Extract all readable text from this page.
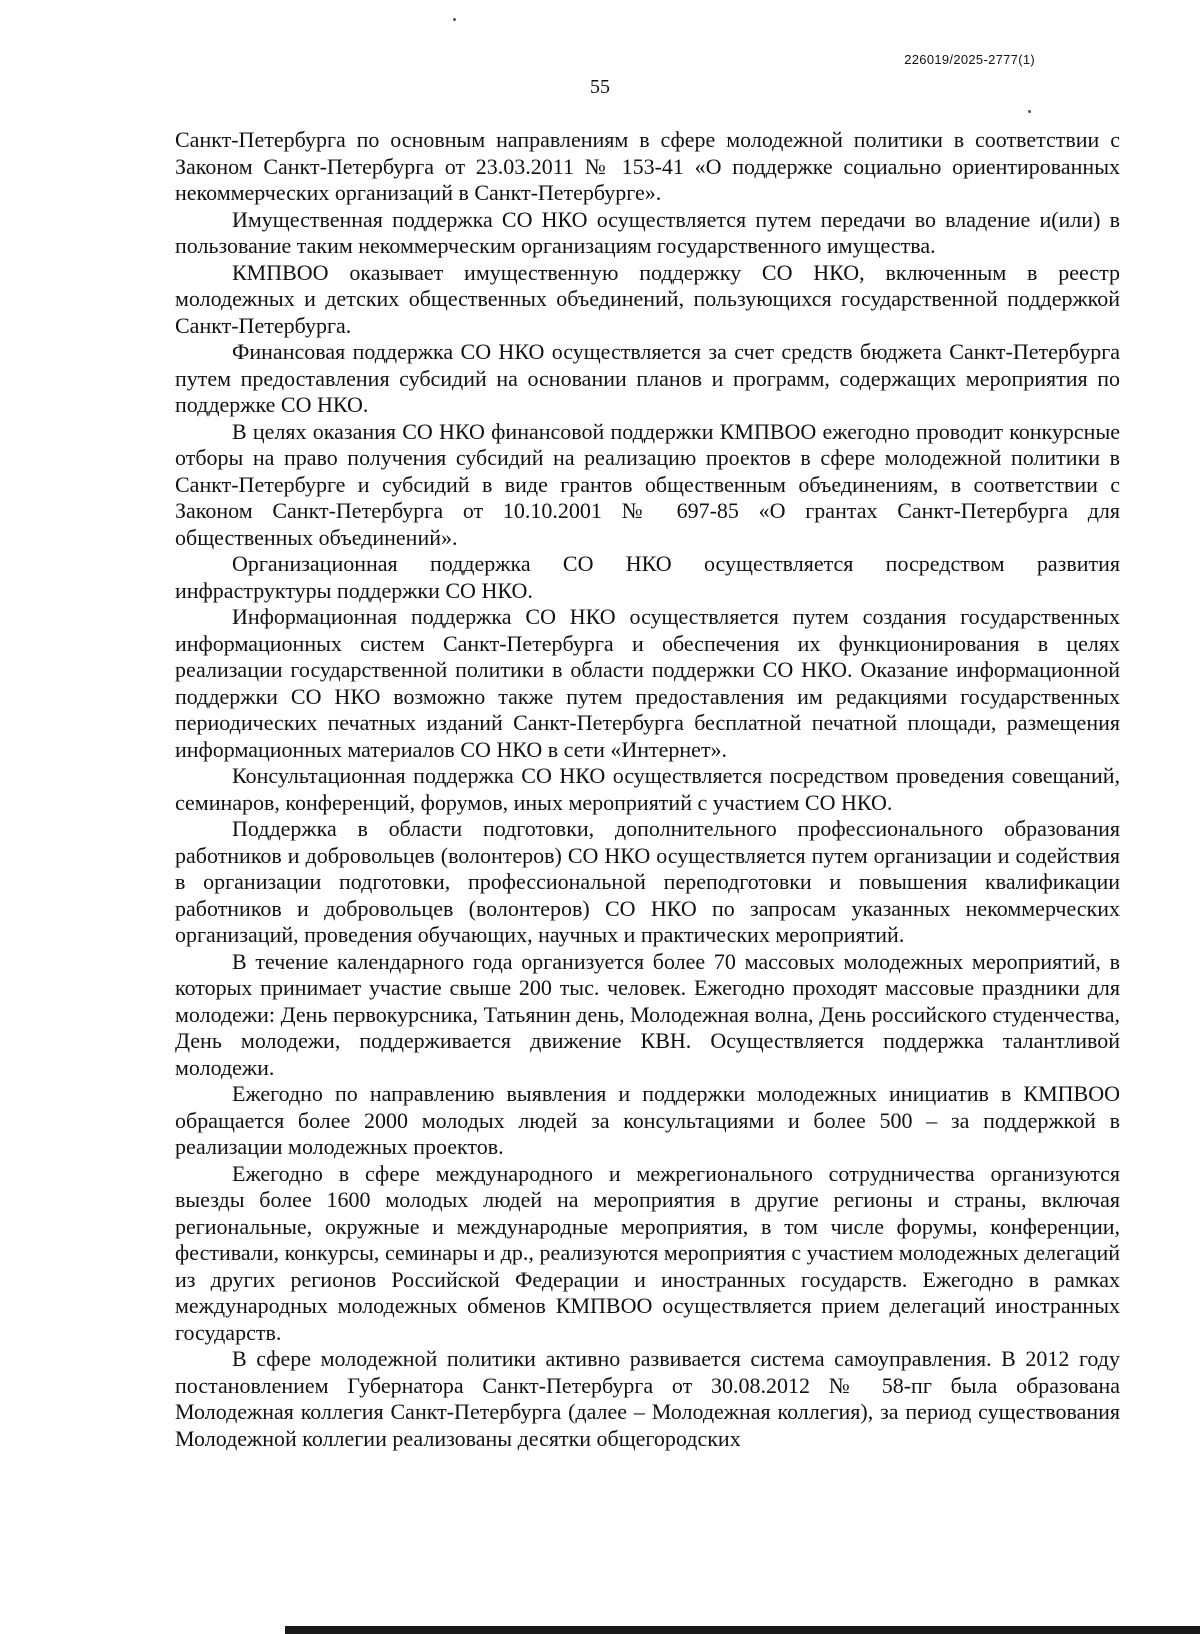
226019/2025-2777(1)
55

Санкт-Петербурга по основным направлениям в сфере молодежной политики в соответствии с Законом Санкт-Петербурга от 23.03.2011 № 153-41 «О поддержке социально ориентированных некоммерческих организаций в Санкт-Петербурге».

Имущественная поддержка СО НКО осуществляется путем передачи во владение и(или) в пользование таким некоммерческим организациям государственного имущества.

КМПВОО оказывает имущественную поддержку СО НКО, включенным в реестр молодежных и детских общественных объединений, пользующихся государственной поддержкой Санкт-Петербурга.

Финансовая поддержка СО НКО осуществляется за счет средств бюджета Санкт-Петербурга путем предоставления субсидий на основании планов и программ, содержащих мероприятия по поддержке СО НКО.

В целях оказания СО НКО финансовой поддержки КМПВОО ежегодно проводит конкурсные отборы на право получения субсидий на реализацию проектов в сфере молодежной политики в Санкт-Петербурге и субсидий в виде грантов общественным объединениям, в соответствии с Законом Санкт-Петербурга от 10.10.2001 № 697-85 «О грантах Санкт-Петербурга для общественных объединений».

Организационная поддержка СО НКО осуществляется посредством развития инфраструктуры поддержки СО НКО.

Информационная поддержка СО НКО осуществляется путем создания государственных информационных систем Санкт-Петербурга и обеспечения их функционирования в целях реализации государственной политики в области поддержки СО НКО. Оказание информационной поддержки СО НКО возможно также путем предоставления им редакциями государственных периодических печатных изданий Санкт-Петербурга бесплатной печатной площади, размещения информационных материалов СО НКО в сети «Интернет».

Консультационная поддержка СО НКО осуществляется посредством проведения совещаний, семинаров, конференций, форумов, иных мероприятий с участием СО НКО.

Поддержка в области подготовки, дополнительного профессионального образования работников и добровольцев (волонтеров) СО НКО осуществляется путем организации и содействия в организации подготовки, профессиональной переподготовки и повышения квалификации работников и добровольцев (волонтеров) СО НКО по запросам указанных некоммерческих организаций, проведения обучающих, научных и практических мероприятий.

В течение календарного года организуется более 70 массовых молодежных мероприятий, в которых принимает участие свыше 200 тыс. человек. Ежегодно проходят массовые праздники для молодежи: День первокурсника, Татьянин день, Молодежная волна, День российского студенчества, День молодежи, поддерживается движение КВН. Осуществляется поддержка талантливой молодежи.

Ежегодно по направлению выявления и поддержки молодежных инициатив в КМПВОО обращается более 2000 молодых людей за консультациями и более 500 – за поддержкой в реализации молодежных проектов.

Ежегодно в сфере международного и межрегионального сотрудничества организуются выезды более 1600 молодых людей на мероприятия в другие регионы и страны, включая региональные, окружные и международные мероприятия, в том числе форумы, конференции, фестивали, конкурсы, семинары и др., реализуются мероприятия с участием молодежных делегаций из других регионов Российской Федерации и иностранных государств. Ежегодно в рамках международных молодежных обменов КМПВОО осуществляется прием делегаций иностранных государств.

В сфере молодежной политики активно развивается система самоуправления. В 2012 году постановлением Губернатора Санкт-Петербурга от 30.08.2012 № 58-пг была образована Молодежная коллегия Санкт-Петербурга (далее – Молодежная коллегия), за период существования Молодежной коллегии реализованы десятки общегородских
